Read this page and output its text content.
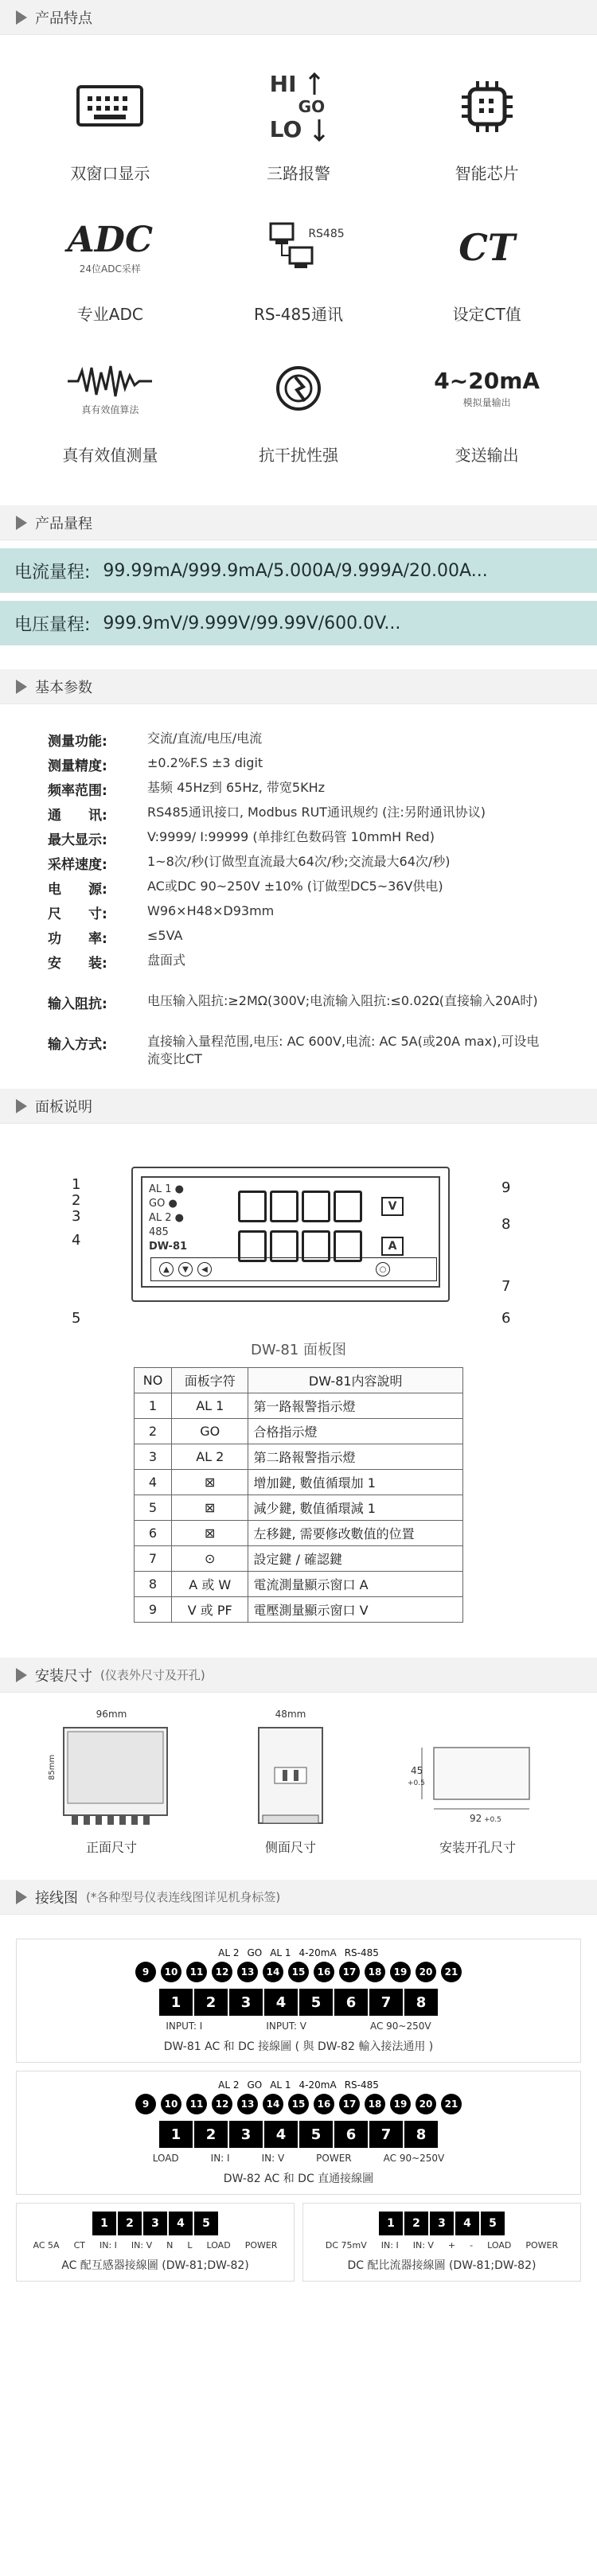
产品特点
双窗口显示
HI
GO
LO
三路报警	智能芯片
ADC
24位ADC采样
专业ADC
RS485
RS-485通讯
CT
设定CT值
真有效值算法
真有效值测量	抗干扰性强
4~20mA
模拟量输出
变送输出
产品量程
电流量程: 99.99mA/999.9mA/5.000A/9.999A/20.00A...
电压量程: 999.9mV/9.999V/99.99V/600.0V...
基本参数
测量功能:	交流/直流/电压/电流
测量精度:	±0.2%F.S ±3 digit
频率范围:	基频 45Hz到 65Hz, 带宽5KHz
通　　讯:	RS485通讯接口, Modbus RUT通讯规约 (注:另附通讯协议)
最大显示:	V:9999/ I:99999 (单排红色数码管 10mmH Red)
采样速度:	1~8次/秒(订做型直流最大64次/秒;交流最大64次/秒)
电　　源:	AC或DC 90~250V ±10% (订做型DC5~36V供电)
尺　　寸:	W96×H48×D93mm
功　　率:	≤5VA
安　　装:	盘面式
输入阻抗:	电压输入阻抗:≥2MΩ(300V;电流输入阻抗:≤0.02Ω(直接输入20A时)
输入方式:	直接输入量程范围,电压: AC 600V,电流: AC 5A(或20A max),可设电流变比CT
面板说明
AL 1 ●
GO ●
AL 2 ●
485
DW-81
V
A
▲	▼	◀	○
1
2
3
4
5	6
7
8
9
DW-81 面板图
NO	面板字符	DW-81内容說明
1	AL 1	第一路報警指示燈
2	GO	合格指示燈
3	AL 2	第二路報警指示燈
4	⊠	增加鍵, 數值循環加 1
5	⊠	減少鍵, 數值循環減 1
6	⊠	左移鍵, 需要修改數值的位置
7	⊙	設定鍵 / 確認鍵
8	A 或 W	電流測量顯示窗口 A
9	V 或 PF	電壓測量顯示窗口 V
安装尺寸 (仪表外尺寸及开孔)
96mm
85mm
正面尺寸
48mm
侧面尺寸
45
+0.5
92 +0.5
安装开孔尺寸
接线图 (*各种型号仪表连线图详见机身标签)
AL 2 GO AL 1 4-20mA RS-485
9	10	11	12	13	14	15	16	17	18	19	20	21
1	2	3	4	5	6	7	8
INPUT: I	INPUT: V	AC 90~250V
DW-81 AC 和 DC 接線圖 ( 與 DW-82 輸入接法通用 )
AL 2 GO AL 1 4-20mA RS-485
9	10	11	12	13	14	15	16	17	18	19	20	21
1	2	3	4	5	6	7	8
LOAD	IN: I	IN: V	POWER	AC 90~250V
DW-82 AC 和 DC 直通接線圖
1	2	3	4	5
AC 5A CT IN: I IN: V N L LOAD POWER
AC 配互感器接線圖 (DW-81;DW-82)
1	2	3	4	5
DC 75mV IN: I IN: V + - LOAD POWER
DC 配比流器接線圖 (DW-81;DW-82)
